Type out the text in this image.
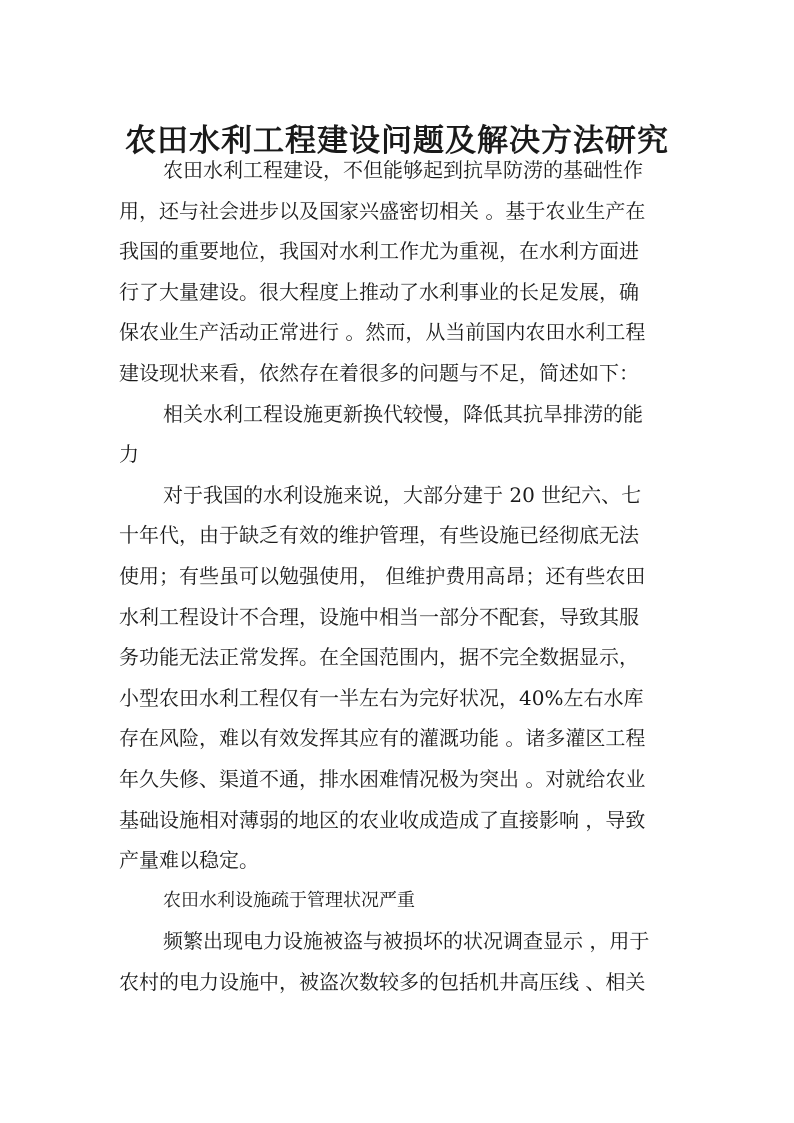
农田水利工程建设问题及解决方法研究

农田水利工程建设，不但能够起到抗旱防涝的基础性作
用，还与社会进步以及国家兴盛密切相关 。基于农业生产在
我国的重要地位，我国对水利工作尤为重视，在水利方面进
行了大量建设。很大程度上推动了水利事业的长足发展，确
保农业生产活动正常进行 。然而，从当前国内农田水利工程
建设现状来看，依然存在着很多的问题与不足，简述如下：

相关水利工程设施更新换代较慢，降低其抗旱排涝的能
力

对于我国的水利设施来说，大部分建于 20 世纪六、七
十年代，由于缺乏有效的维护管理，有些设施已经彻底无法
使用；有些虽可以勉强使用， 但维护费用高昂；还有些农田
水利工程设计不合理，设施中相当一部分不配套，导致其服
务功能无法正常发挥。在全国范围内，据不完全数据显示，
小型农田水利工程仅有一半左右为完好状况，40%左右水库
存在风险，难以有效发挥其应有的灌溉功能 。诸多灌区工程
年久失修、渠道不通，排水困难情况极为突出 。对就给农业
基础设施相对薄弱的地区的农业收成造成了直接影响 ，导致
产量难以稳定。

农田水利设施疏于管理状况严重

频繁出现电力设施被盗与被损坏的状况调查显示 ，用于
农村的电力设施中，被盗次数较多的包括机井高压线 、相关
